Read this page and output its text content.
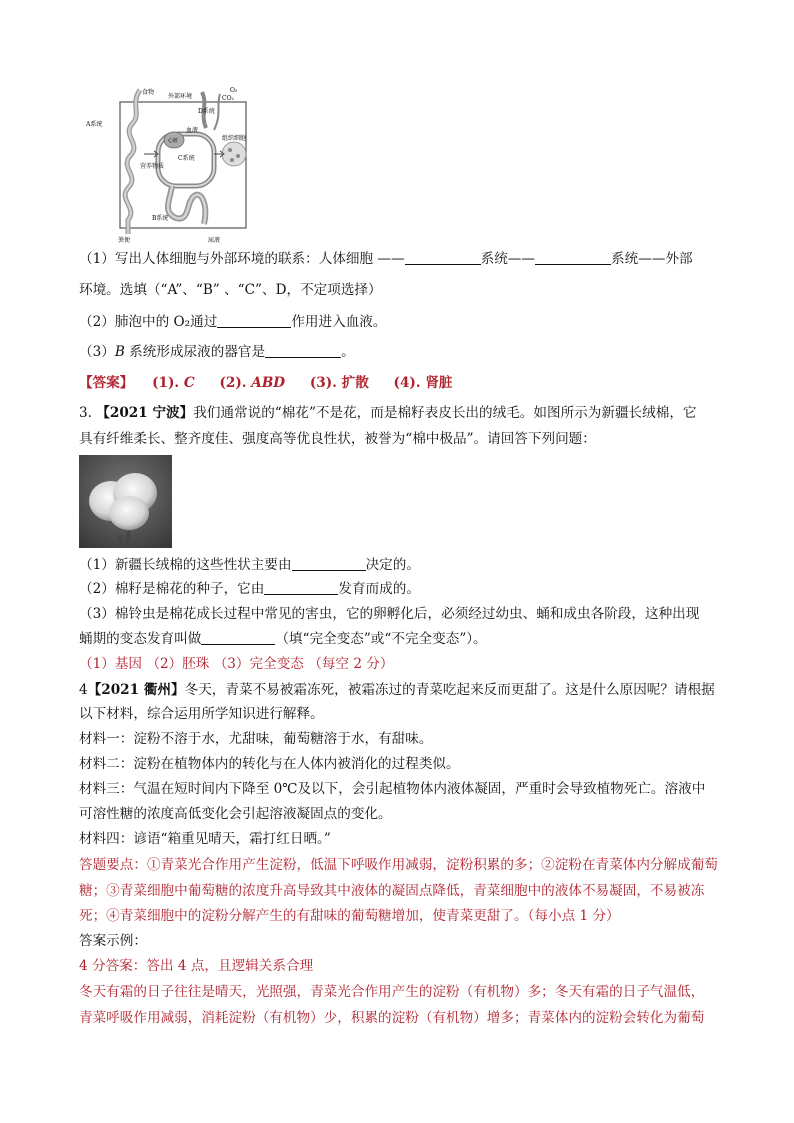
食物
外部环境
O₂
CO₂
D系统
A系统
血液
心脏	组织细胞
营养物质
C系统
B系统
粪便	尿液
（1）写出人体细胞与外部环境的联系：人体细胞 ——	系统——	系统——外部
环境。选填（“A”、“B” 、“C”、D，不定项选择）
（2）肺泡中的 O₂通过	作用进入血液。
（3）B 系统形成尿液的器官是	。
【答案】 (1). C (2). ABD (3). 扩散 (4). 肾脏
3. 【2021 宁波】我们通常说的“棉花”不是花，而是棉籽表皮长出的绒毛。如图所示为新疆长绒棉，它
具有纤维柔长、整齐度佳、强度高等优良性状，被誉为“棉中极品”。请回答下列问题：
（1）新疆长绒棉的这些性状主要由	决定的。
（2）棉籽是棉花的种子，它由	发育而成的。
（3）棉铃虫是棉花成长过程中常见的害虫，它的卵孵化后，必须经过幼虫、蛹和成虫各阶段，这种出现
蛹期的变态发育叫做	（填“完全变态”或“不完全变态”）。
（1）基因 （2）胚珠 （3）完全变态 （每空 2 分）
4【2021 衢州】冬天，青菜不易被霜冻死，被霜冻过的青菜吃起来反而更甜了。这是什么原因呢？请根据
以下材料，综合运用所学知识进行解释。
材料一：淀粉不溶于水，尤甜味，葡萄糖溶于水，有甜味。
材料二：淀粉在植物体内的转化与在人体内被消化的过程类似。
材料三：气温在短时间内下降至 0℃及以下，会引起植物体内液体凝固，严重时会导致植物死亡。溶液中
可溶性糖的浓度高低变化会引起溶液凝固点的变化。
材料四：谚语“箱重见晴天，霜打红日晒。”
答题要点：①青菜光合作用产生淀粉，低温下呼吸作用减弱，淀粉积累的多；②淀粉在青菜体内分解成葡萄
糖；③青菜细胞中葡萄糖的浓度升高导致其中液体的凝固点降低，青菜细胞中的液体不易凝固，不易被冻
死；④青菜细胞中的淀粉分解产生的有甜味的葡萄糖增加，使青菜更甜了。（每小点 1 分）
答案示例：
4 分答案：答出 4 点，且逻辑关系合理
冬天有霜的日子往往是晴天，光照强，青菜光合作用产生的淀粉（有机物）多；冬天有霜的日子气温低，
青菜呼吸作用减弱，消耗淀粉（有机物）少，积累的淀粉（有机物）增多；青菜体内的淀粉会转化为葡萄
